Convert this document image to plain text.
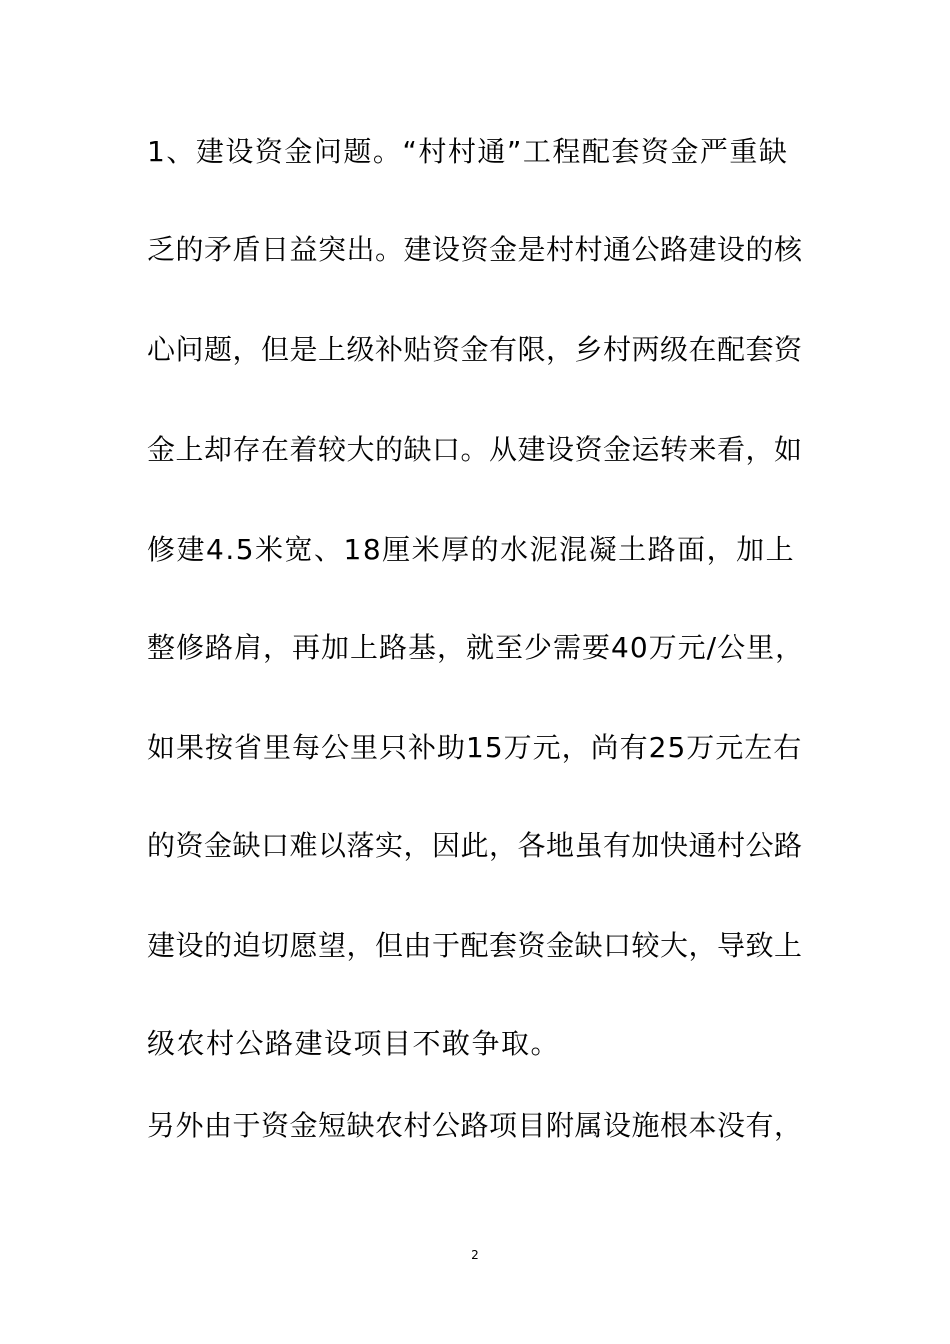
1、建设资金问题。“村村通”工程配套资金严重缺
乏的矛盾日益突出。建设资金是村村通公路建设的核
心问题，但是上级补贴资金有限，乡村两级在配套资
金上却存在着较大的缺口。从建设资金运转来看，如
修建4.5米宽、18厘米厚的水泥混凝土路面，加上
整修路肩，再加上路基，就至少需要40万元/公里，
如果按省里每公里只补助15万元，尚有25万元左右
的资金缺口难以落实，因此，各地虽有加快通村公路
建设的迫切愿望，但由于配套资金缺口较大，导致上
级农村公路建设项目不敢争取。
另外由于资金短缺农村公路项目附属设施根本没有，
2
